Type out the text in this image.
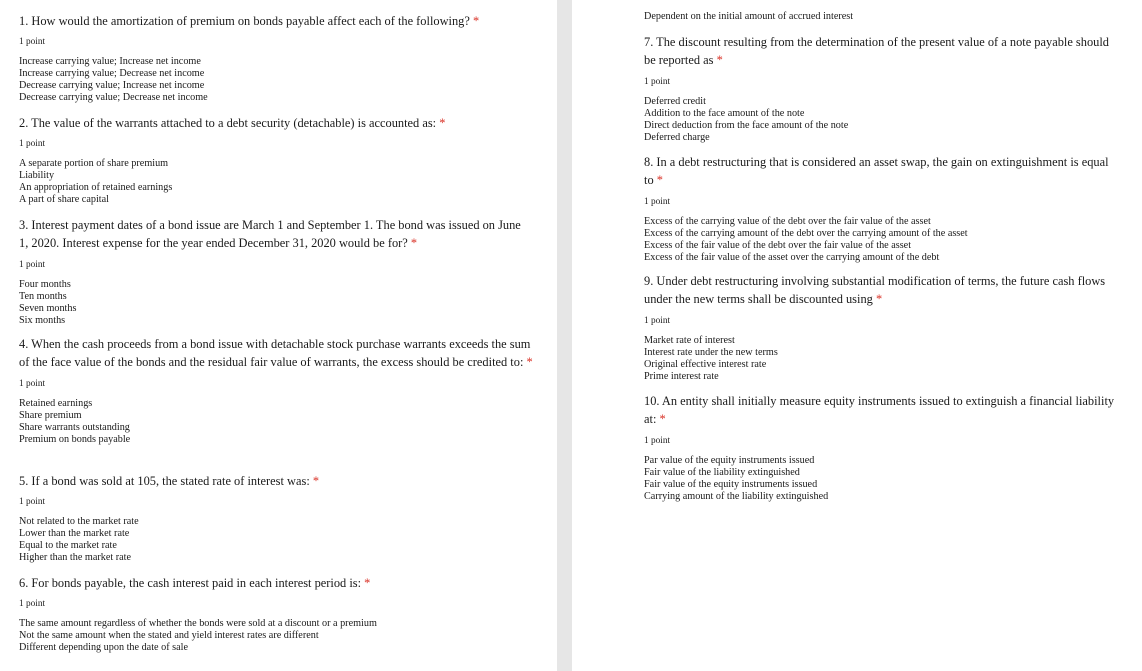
1. How would the amortization of premium on bonds payable affect each of the following? *

1 point

Increase carrying value; Increase net income
Increase carrying value; Decrease net income
Decrease carrying value; Increase net income
Decrease carrying value; Decrease net income

2. The value of the warrants attached to a debt security (detachable) is accounted as: *

1 point

A separate portion of share premium
Liability
An appropriation of retained earnings
A part of share capital

3. Interest payment dates of a bond issue are March 1 and September 1. The bond was issued on June 1, 2020. Interest expense for the year ended December 31, 2020 would be for? *

1 point

Four months
Ten months
Seven months
Six months

4. When the cash proceeds from a bond issue with detachable stock purchase warrants exceeds the sum of the face value of the bonds and the residual fair value of warrants, the excess should be credited to: *

1 point

Retained earnings
Share premium
Share warrants outstanding
Premium on bonds payable

5. If a bond was sold at 105, the stated rate of interest was: *

1 point

Not related to the market rate
Lower than the market rate
Equal to the market rate
Higher than the market rate

6. For bonds payable, the cash interest paid in each interest period is: *

1 point

The same amount regardless of whether the bonds were sold at a discount or a premium
Not the same amount when the stated and yield interest rates are different
Different depending upon the date of sale

Dependent on the initial amount of accrued interest

7. The discount resulting from the determination of the present value of a note payable should be reported as *

1 point

Deferred credit
Addition to the face amount of the note
Direct deduction from the face amount of the note
Deferred charge

8. In a debt restructuring that is considered an asset swap, the gain on extinguishment is equal to *

1 point

Excess of the carrying value of the debt over the fair value of the asset
Excess of the carrying amount of the debt over the carrying amount of the asset
Excess of the fair value of the debt over the fair value of the asset
Excess of the fair value of the asset over the carrying amount of the debt

9. Under debt restructuring involving substantial modification of terms, the future cash flows under the new terms shall be discounted using *

1 point

Market rate of interest
Interest rate under the new terms
Original effective interest rate
Prime interest rate

10. An entity shall initially measure equity instruments issued to extinguish a financial liability at: *

1 point

Par value of the equity instruments issued
Fair value of the liability extinguished
Fair value of the equity instruments issued
Carrying amount of the liability extinguished
